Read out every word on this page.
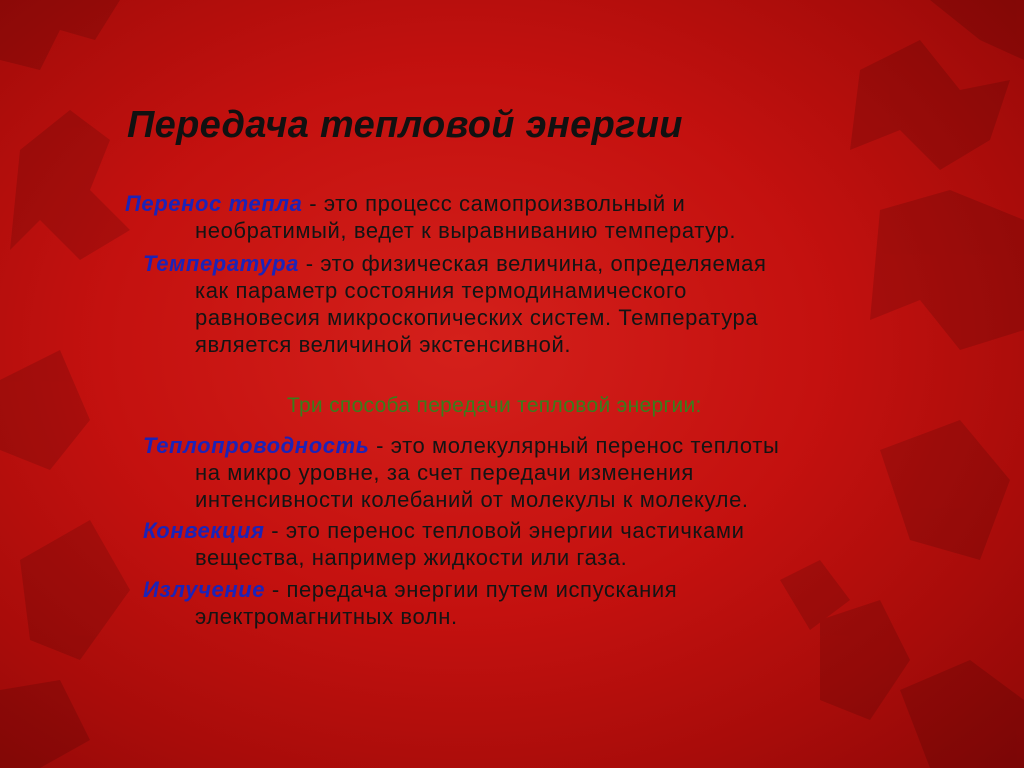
Передача тепловой энергии
Перенос тепла - это процесс самопроизвольный и
необратимый, ведет к выравниванию температур.
Температура - это физическая величина, определяемая
как параметр состояния термодинамического
равновесия микроскопических систем. Температура
является величиной экстенсивной.
Три способа передачи тепловой энергии:
Теплопроводность - это молекулярный перенос теплоты
на микро уровне, за счет передачи изменения
интенсивности колебаний от молекулы к молекуле.
Конвекция - это перенос тепловой энергии частичками
вещества, например жидкости или газа.
Излучение - передача энергии путем испускания
электромагнитных волн.
